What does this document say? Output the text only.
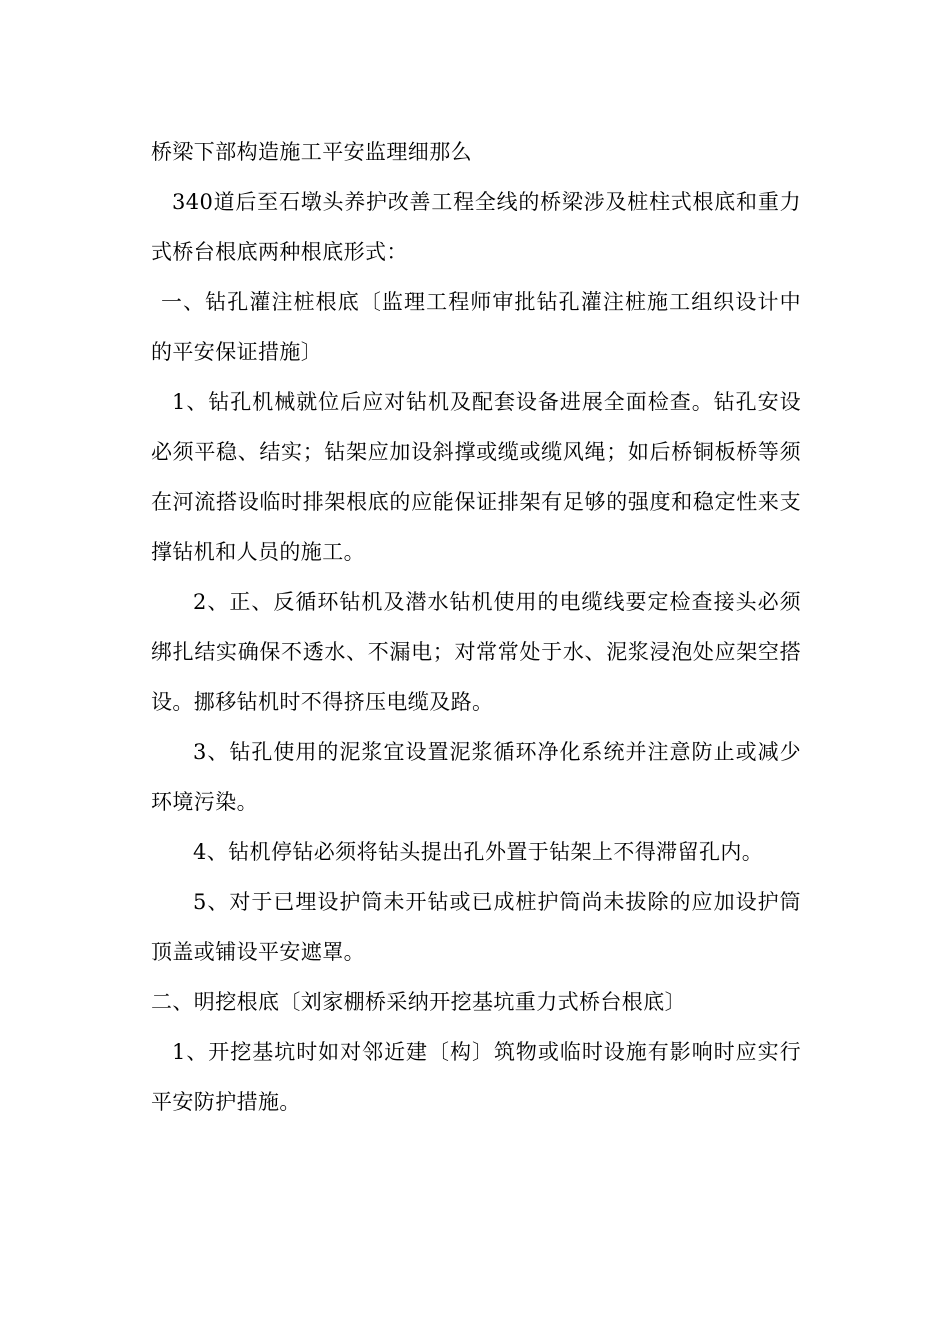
桥梁下部构造施工平安监理细那么

340道后至石墩头养护改善工程全线的桥梁涉及桩柱式根底和重力式桥台根底两种根底形式：

一、钻孔灌注桩根底〔监理工程师审批钻孔灌注桩施工组织设计中的平安保证措施〕

1、钻孔机械就位后应对钻机及配套设备进展全面检查。钻孔安设必须平稳、结实；钻架应加设斜撑或缆或缆风绳；如后桥铜板桥等须在河流搭设临时排架根底的应能保证排架有足够的强度和稳定性来支撑钻机和人员的施工。

2、正、反循环钻机及潜水钻机使用的电缆线要定检查接头必须绑扎结实确保不透水、不漏电；对常常处于水、泥浆浸泡处应架空搭设。挪移钻机时不得挤压电缆及路。

3、钻孔使用的泥浆宜设置泥浆循环净化系统并注意防止或减少环境污染。

4、钻机停钻必须将钻头提出孔外置于钻架上不得滞留孔内。

5、对于已埋设护筒未开钻或已成桩护筒尚未拔除的应加设护筒顶盖或铺设平安遮罩。

二、明挖根底〔刘家棚桥采纳开挖基坑重力式桥台根底〕

1、开挖基坑时如对邻近建〔构〕筑物或临时设施有影响时应实行平安防护措施。
